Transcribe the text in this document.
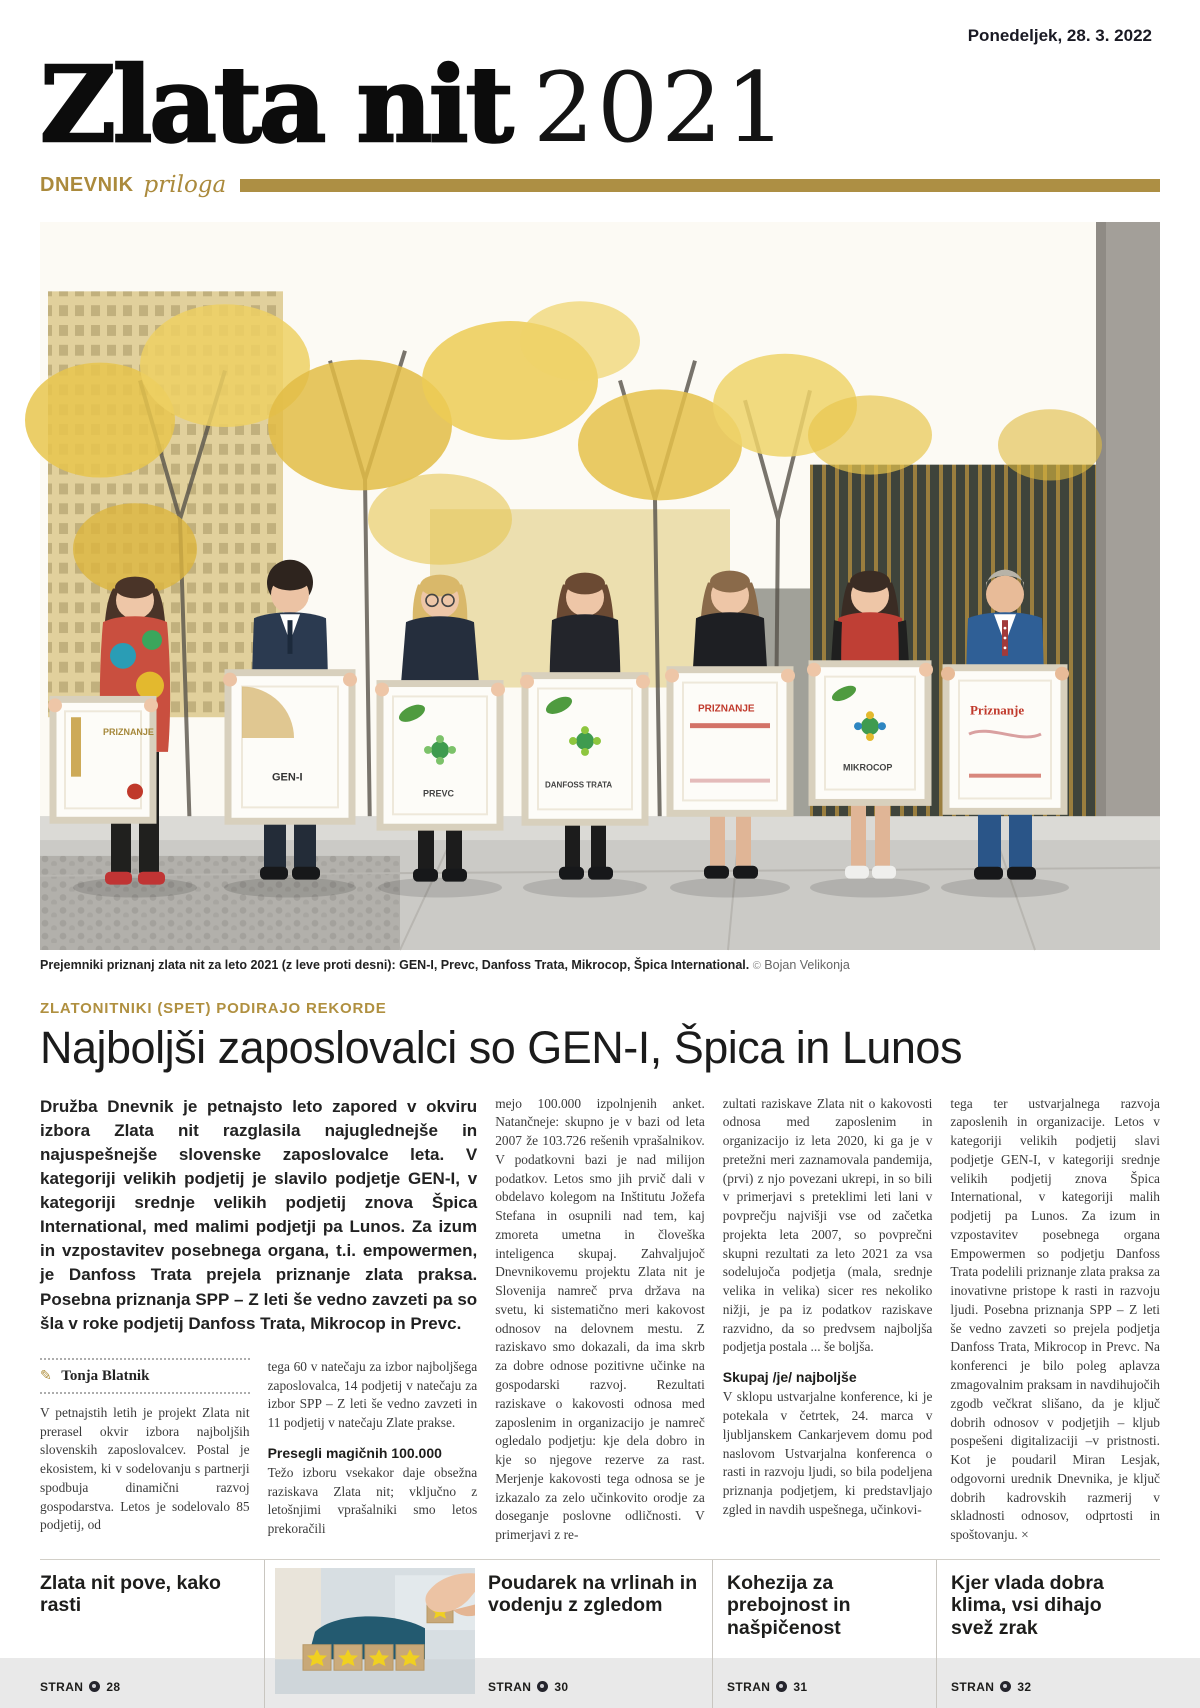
Ponedeljek, 28. 3. 2022
Zlata nit 2021
DNEVNIK priloga
PRIZNANJE
GEN-I
PREVC
DANFOSS TRATA
PRIZNANJE
MIKROCOP
Priznanje
Prejemniki priznanj zlata nit za leto 2021 (z leve proti desni): GEN-I, Prevc, Danfoss Trata, Mikrocop, Špica International. © Bojan Velikonja
ZLATONITNIKI (SPET) PODIRAJO REKORDE
Najboljši zaposlovalci so GEN-I, Špica in Lunos

Družba Dnevnik je petnajsto leto zapored v okviru izbora Zlata nit razglasila najuglednejše in najuspešnejše slovenske zaposlovalce leta. V kategoriji velikih podjetij je slavilo podjetje GEN-I, v kategoriji srednje velikih podjetij znova Špica International, med malimi podjetji pa Lunos. Za izum in vzpostavitev posebnega organa, t.i. empowermen, je Danfoss Trata prejela priznanje zlata praksa. Posebna priznanja SPP – Z leti še vedno zavzeti pa so šla v roke podjetij Danfoss Trata, Mikrocop in Prevc.

✎ Tonja Blatnik

V petnajstih letih je projekt Zlata nit prerasel okvir izbora najboljših slovenskih zaposlovalcev. Postal je ekosistem, ki v sodelovanju s partnerji spodbuja dinamični razvoj gospodarstva. Letos je sodelovalo 85 podjetij, od

tega 60 v natečaju za izbor najboljšega zaposlovalca, 14 podjetij v natečaju za izbor SPP – Z leti še vedno zavzeti in 11 podjetij v natečaju Zlate prakse.

Presegli magičnih 100.000

Težo izboru vsekakor daje obsežna raziskava Zlata nit; vključno z letošnjimi vprašalniki smo letos prekoračili

mejo 100.000 izpolnjenih anket. Natančneje: skupno je v bazi od leta 2007 že 103.726 rešenih vprašalnikov. V podatkovni bazi je nad milijon podatkov. Letos smo jih prvič dali v obdelavo kolegom na Inštitutu Jožefa Stefana in osupnili nad tem, kaj zmoreta umetna in človeška inteligenca skupaj. Zahvaljujoč Dnevnikovemu projektu Zlata nit je Slovenija namreč prva država na svetu, ki sistematično meri kakovost odnosov na delovnem mestu. Z raziskavo smo dokazali, da ima skrb za dobre odnose pozitivne učinke na gospodarski razvoj. Rezultati raziskave o kakovosti odnosa med zaposlenim in organizacijo je namreč ogledalo podjetju: kje dela dobro in kje so njegove rezerve za rast. Merjenje kakovosti tega odnosa se je izkazalo za zelo učinkovito orodje za doseganje poslovne odličnosti. V primerjavi z re-

zultati raziskave Zlata nit o kakovosti odnosa med zaposlenim in organizacijo iz leta 2020, ki ga je v pretežni meri zaznamovala pandemija, (prvi) z njo povezani ukrepi, in so bili v primerjavi s preteklimi leti lani v povprečju najvišji vse od začetka projekta leta 2007, so povprečni skupni rezultati za leto 2021 za vsa sodelujoča podjetja (mala, srednje velika in velika) sicer res nekoliko nižji, je pa iz podatkov raziskave razvidno, da so predvsem najboljša podjetja postala ... še boljša.

Skupaj /je/ najboljše

V sklopu ustvarjalne konference, ki je potekala v četrtek, 24. marca v ljubljanskem Cankarjevem domu pod naslovom Ustvarjalna konferenca o rasti in razvoju ljudi, so bila podeljena priznanja podjetjem, ki predstavljajo zgled in navdih uspešnega, učinkovi-

tega ter ustvarjalnega razvoja zaposlenih in organizacije. Letos v kategoriji velikih podjetij slavi podjetje GEN-I, v kategoriji srednje velikih podjetij znova Špica International, v kategoriji malih podjetij pa Lunos. Za izum in vzpostavitev posebnega organa Empowermen so podjetju Danfoss Trata podelili priznanje zlata praksa za inovativne pristope k rasti in razvoju ljudi. Posebna priznanja SPP – Z leti še vedno zavzeti so prejela podjetja Danfoss Trata, Mikrocop in Prevc. Na konferenci je bilo poleg aplavza zmagovalnim praksam in navdihujočih zgodb večkrat slišano, da je ključ dobrih odnosov v podjetjih – kljub pospešeni digitalizaciji –v pristnosti. Kot je poudaril Miran Lesjak, odgovorni urednik Dnevnika, je ključ dobrih kadrovskih razmerij v skladnosti odnosov, odprtosti in spoštovanju. ×

Zlata nit pove, kako rasti
STRAN 28
Poudarek na vrlinah in vodenju z zgledom
STRAN 30
Kohezija za prebojnost in našpičenost
STRAN 31
Kjer vlada dobra klima, vsi dihajo svež zrak
STRAN 32
